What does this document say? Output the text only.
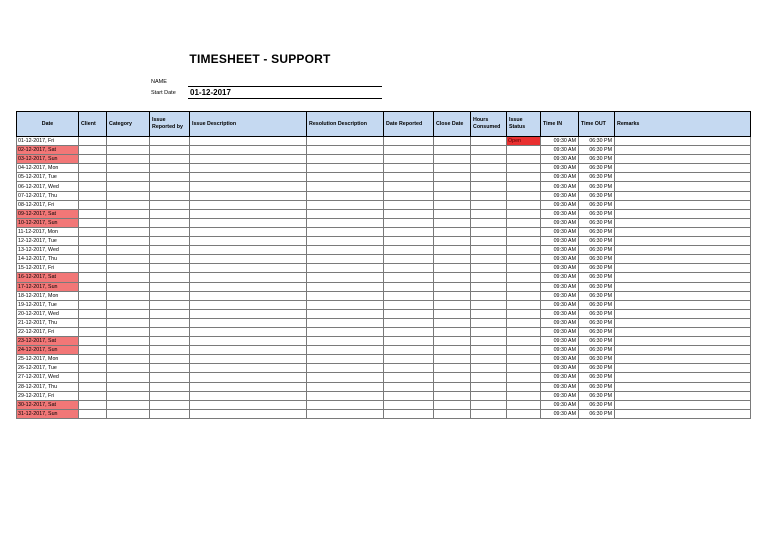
TIMESHEET - SUPPORT
NAME
Start Date 01-12-2017
Date	Client	Category	Issue Reported by	Issue Description	Resolution Description	Date Reported	Close Date	Hours Consumed	Issue Status	Time IN	Time OUT	Remarks
01-12-2017, Fri									Open	09:30 AM	06:30 PM	
02-12-2017, Sat										09:30 AM	06:30 PM	
03-12-2017, Sun										09:30 AM	06:30 PM	
04-12-2017, Mon										09:30 AM	06:30 PM	
05-12-2017, Tue										09:30 AM	06:30 PM	
06-12-2017, Wed										09:30 AM	06:30 PM	
07-12-2017, Thu										09:30 AM	06:30 PM	
08-12-2017, Fri										09:30 AM	06:30 PM	
09-12-2017, Sat										09:30 AM	06:30 PM	
10-12-2017, Sun										09:30 AM	06:30 PM	
11-12-2017, Mon										09:30 AM	06:30 PM	
12-12-2017, Tue										09:30 AM	06:30 PM	
13-12-2017, Wed										09:30 AM	06:30 PM	
14-12-2017, Thu										09:30 AM	06:30 PM	
15-12-2017, Fri										09:30 AM	06:30 PM	
16-12-2017, Sat										09:30 AM	06:30 PM	
17-12-2017, Sun										09:30 AM	06:30 PM	
18-12-2017, Mon										09:30 AM	06:30 PM	
19-12-2017, Tue										09:30 AM	06:30 PM	
20-12-2017, Wed										09:30 AM	06:30 PM	
21-12-2017, Thu										09:30 AM	06:30 PM	
22-12-2017, Fri										09:30 AM	06:30 PM	
23-12-2017, Sat										09:30 AM	06:30 PM	
24-12-2017, Sun										09:30 AM	06:30 PM	
25-12-2017, Mon										09:30 AM	06:30 PM	
26-12-2017, Tue										09:30 AM	06:30 PM	
27-12-2017, Wed										09:30 AM	06:30 PM	
28-12-2017, Thu										09:30 AM	06:30 PM	
29-12-2017, Fri										09:30 AM	06:30 PM	
30-12-2017, Sat										09:30 AM	06:30 PM	
31-12-2017, Sun										09:30 AM	06:30 PM	
